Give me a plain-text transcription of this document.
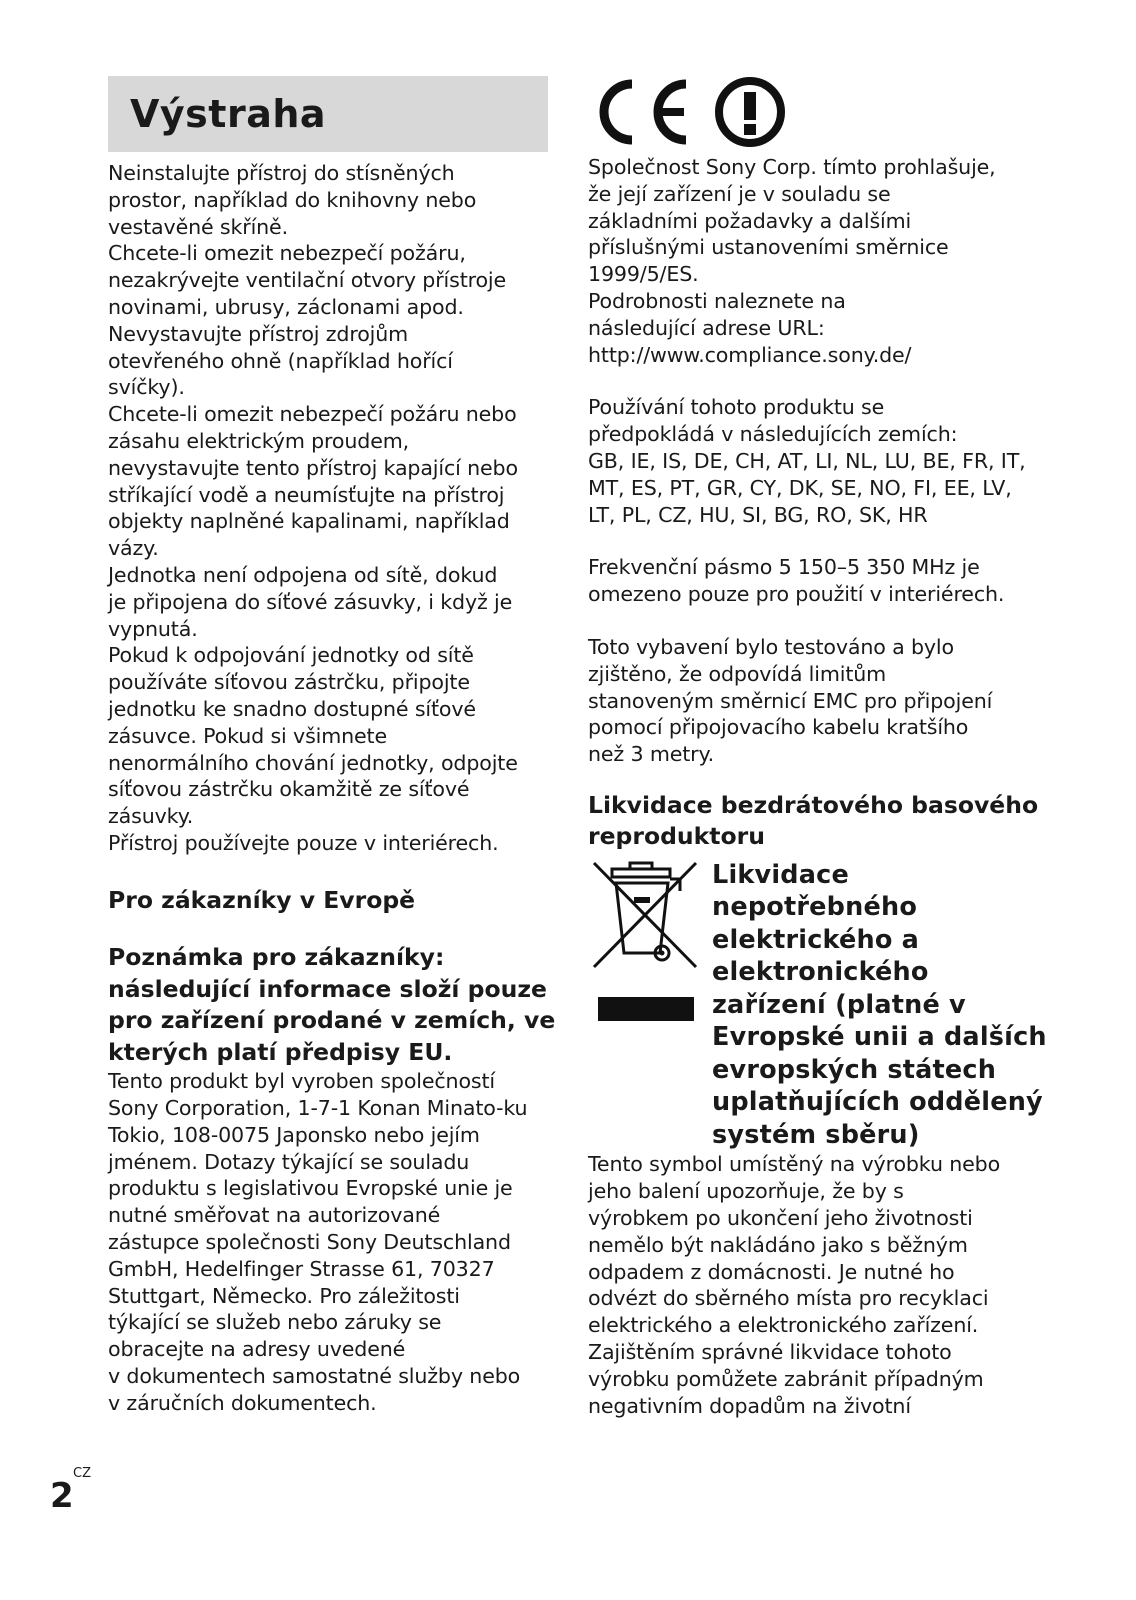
Výstraha

Neinstalujte přístroj do stísněných
prostor, například do knihovny nebo
vestavěné skříně.
Chcete-li omezit nebezpečí požáru,
nezakrývejte ventilační otvory přístroje
novinami, ubrusy, záclonami apod.
Nevystavujte přístroj zdrojům
otevřeného ohně (například hořící
svíčky).
Chcete-li omezit nebezpečí požáru nebo
zásahu elektrickým proudem,
nevystavujte tento přístroj kapající nebo
stříkající vodě a neumísťujte na přístroj
objekty naplněné kapalinami, například
vázy.
Jednotka není odpojena od sítě, dokud
je připojena do síťové zásuvky, i když je
vypnutá.
Pokud k odpojování jednotky od sítě
používáte síťovou zástrčku, připojte
jednotku ke snadno dostupné síťové
zásuvce. Pokud si všimnete
nenormálního chování jednotky, odpojte
síťovou zástrčku okamžitě ze síťové
zásuvky.
Přístroj používejte pouze v interiérech.

Pro zákazníky v Evropě
Poznámka pro zákazníky:
následující informace složí pouze
pro zařízení prodané v zemích, ve
kterých platí předpisy EU.

Tento produkt byl vyroben společností
Sony Corporation, 1-7-1 Konan Minato-ku
Tokio, 108-0075 Japonsko nebo jejím
jménem. Dotazy týkající se souladu
produktu s legislativou Evropské unie je
nutné směřovat na autorizované
zástupce společnosti Sony Deutschland
GmbH, Hedelfinger Strasse 61, 70327
Stuttgart, Německo. Pro záležitosti
týkající se služeb nebo záruky se
obracejte na adresy uvedené
v dokumentech samostatné služby nebo
v záručních dokumentech.

Společnost Sony Corp. tímto prohlašuje,
že její zařízení je v souladu se
základními požadavky a dalšími
příslušnými ustanoveními směrnice
1999/5/ES.
Podrobnosti naleznete na
následující adrese URL:
http://www.compliance.sony.de/

Používání tohoto produktu se
předpokládá v následujících zemích:
GB, IE, IS, DE, CH, AT, LI, NL, LU, BE, FR, IT,
MT, ES, PT, GR, CY, DK, SE, NO, FI, EE, LV,
LT, PL, CZ, HU, SI, BG, RO, SK, HR

Frekvenční pásmo 5 150–5 350 MHz je
omezeno pouze pro použití v interiérech.

Toto vybavení bylo testováno a bylo
zjištěno, že odpovídá limitům
stanoveným směrnicí EMC pro připojení
pomocí připojovacího kabelu kratšího
než 3 metry.

Likvidace bezdrátového basového
reproduktoru
Likvidace
nepotřebného
elektrického a
elektronického
zařízení (platné v
Evropské unii a dalších
evropských státech
uplatňujících oddělený
systém sběru)

Tento symbol umístěný na výrobku nebo
jeho balení upozorňuje, že by s
výrobkem po ukončení jeho životnosti
nemělo být nakládáno jako s běžným
odpadem z domácnosti. Je nutné ho
odvézt do sběrného místa pro recyklaci
elektrického a elektronického zařízení.
Zajištěním správné likvidace tohoto
výrobku pomůžete zabránit případným
negativním dopadům na životní

2
CZ
